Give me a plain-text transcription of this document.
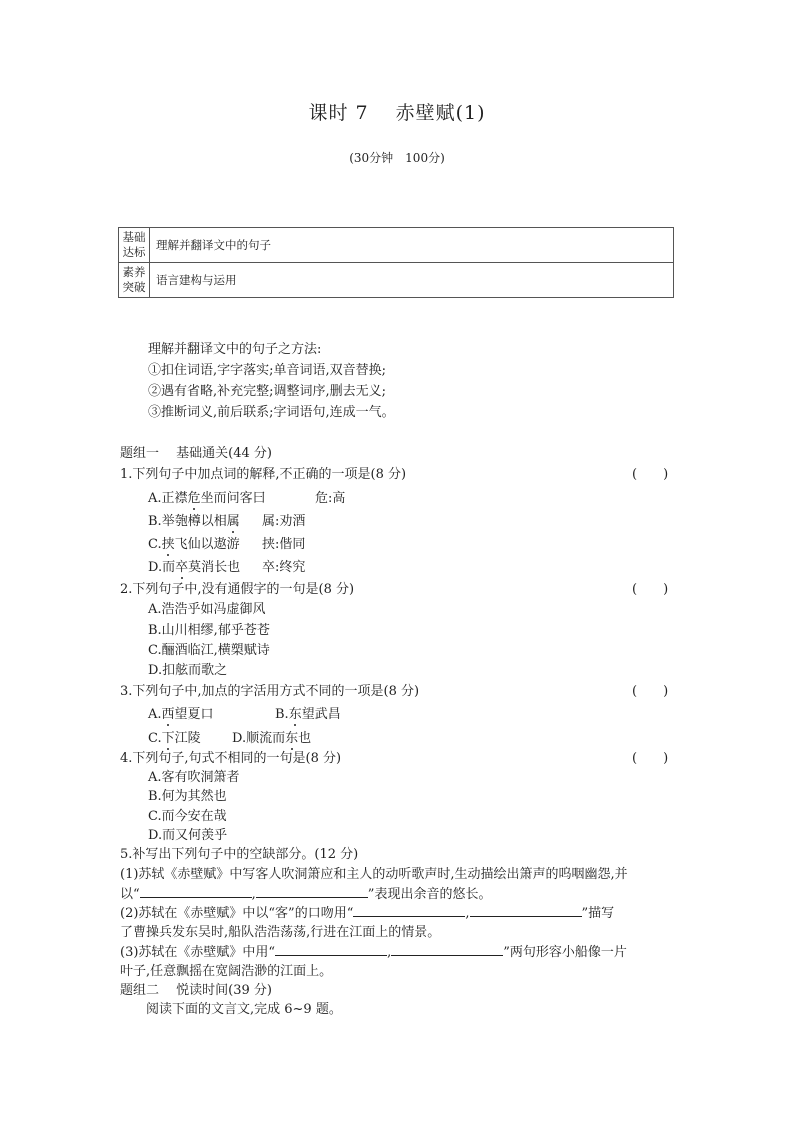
课时 7　 赤壁赋(1)
(30分钟　100分)
基础
达标	理解并翻译文中的句子
素养
突破	语言建构与运用
理解并翻译文中的句子之方法:
①扣住词语,字字落实;单音词语,双音替换;
②遇有省略,补充完整;调整词序,删去无义;
③推断词义,前后联系;字词语句,连成一气。
题组一　 基础通关(44 分)
1.下列句子中加点词的解释,不正确的一项是(8 分)	(　　)
A.正襟危坐而问客曰	危:高
B.举匏樽以相属 属:劝酒
C.挟飞仙以遨游 挟:偕同
D.而卒莫消长也 卒:终究
2.下列句子中,没有通假字的一句是(8 分)	(　　)
A.浩浩乎如冯虚御风
B.山川相缪,郁乎苍苍
C.酾酒临江,横槊赋诗
D.扣舷而歌之
3.下列句子中,加点的字活用方式不同的一项是(8 分)	(　　)
A.西望夏口	B.东望武昌
C.下江陵 D.顺流而东也
4.下列句子,句式不相同的一句是(8 分)	(　　)
A.客有吹洞箫者
B.何为其然也
C.而今安在哉
D.而又何羡乎
5.补写出下列句子中的空缺部分。(12 分)
(1)苏轼《赤壁赋》中写客人吹洞箫应和主人的动听歌声时,生动描绘出箫声的呜咽幽怨,并
以“	,	”表现出余音的悠长。
(2)苏轼在《赤壁赋》中以“客”的口吻用“	,	”描写
了曹操兵发东吴时,船队浩浩荡荡,行进在江面上的情景。
(3)苏轼在《赤壁赋》中用“	,	”两句形容小船像一片
叶子,任意飘摇在宽阔浩渺的江面上。
题组二　 悦读时间(39 分)
阅读下面的文言文,完成 6~9 题。
